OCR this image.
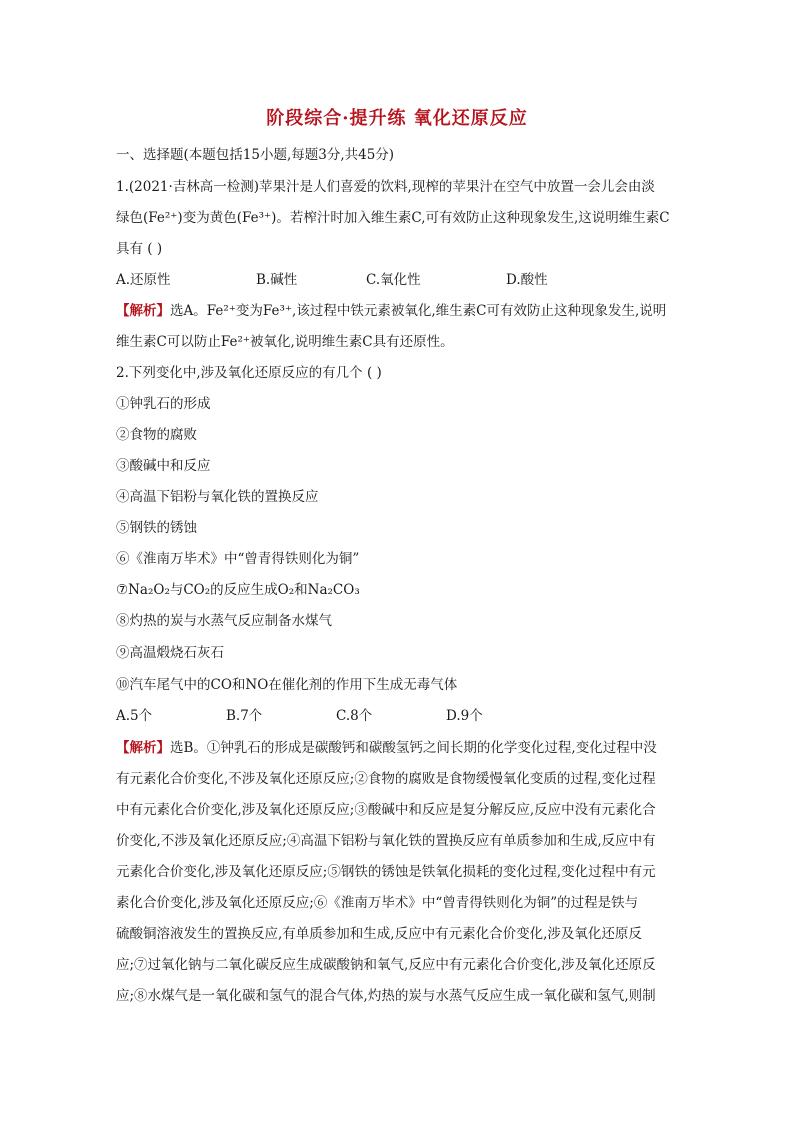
阶段综合·提升练 氧化还原反应
一、选择题(本题包括15小题,每题3分,共45分)
1.(2021·吉林高一检测)苹果汁是人们喜爱的饮料,现榨的苹果汁在空气中放置一会儿会由淡
绿色(Fe²⁺)变为黄色(Fe³⁺)。若榨汁时加入维生素C,可有效防止这种现象发生,这说明维生素C
具有 ( )
A.还原性	B.碱性	C.氧化性	D.酸性
【解析】选A。Fe²⁺变为Fe³⁺,该过程中铁元素被氧化,维生素C可有效防止这种现象发生,说明
维生素C可以防止Fe²⁺被氧化,说明维生素C具有还原性。
2.下列变化中,涉及氧化还原反应的有几个 ( )
①钟乳石的形成
②食物的腐败
③酸碱中和反应
④高温下铝粉与氧化铁的置换反应
⑤钢铁的锈蚀
⑥《淮南万毕术》中“曾青得铁则化为铜”
⑦Na₂O₂与CO₂的反应生成O₂和Na₂CO₃
⑧灼热的炭与水蒸气反应制备水煤气
⑨高温煅烧石灰石
⑩汽车尾气中的CO和NO在催化剂的作用下生成无毒气体
A.5个	B.7个	C.8个	D.9个
【解析】选B。①钟乳石的形成是碳酸钙和碳酸氢钙之间长期的化学变化过程,变化过程中没
有元素化合价变化,不涉及氧化还原反应;②食物的腐败是食物缓慢氧化变质的过程,变化过程
中有元素化合价变化,涉及氧化还原反应;③酸碱中和反应是复分解反应,反应中没有元素化合
价变化,不涉及氧化还原反应;④高温下铝粉与氧化铁的置换反应有单质参加和生成,反应中有
元素化合价变化,涉及氧化还原反应;⑤钢铁的锈蚀是铁氧化损耗的变化过程,变化过程中有元
素化合价变化,涉及氧化还原反应;⑥《淮南万毕术》中“曾青得铁则化为铜”的过程是铁与
硫酸铜溶液发生的置换反应,有单质参加和生成,反应中有元素化合价变化,涉及氧化还原反
应;⑦过氧化钠与二氧化碳反应生成碳酸钠和氧气,反应中有元素化合价变化,涉及氧化还原反
应;⑧水煤气是一氧化碳和氢气的混合气体,灼热的炭与水蒸气反应生成一氧化碳和氢气,则制
